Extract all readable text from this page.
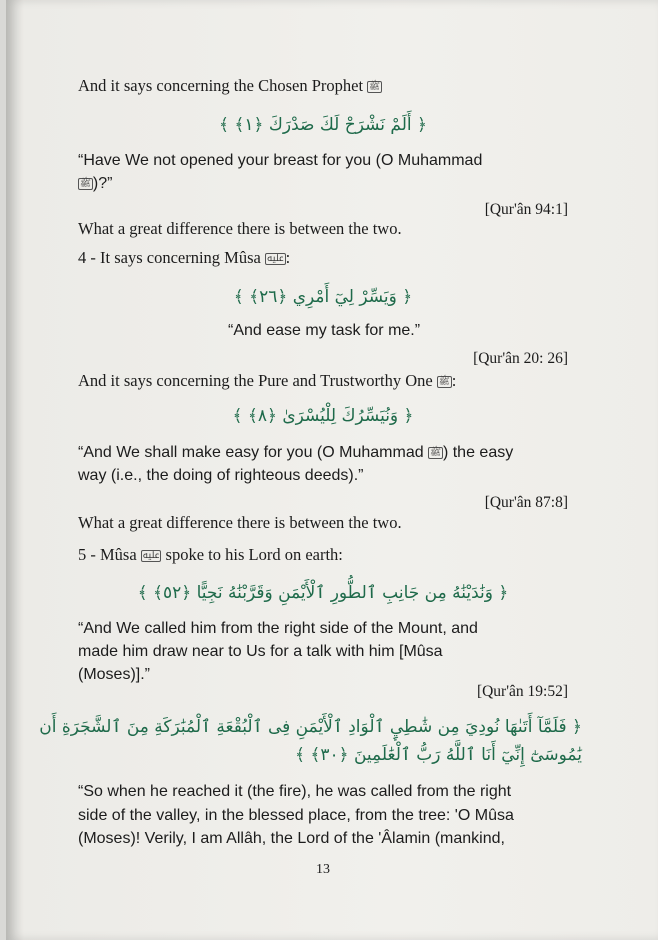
And it says concerning the Chosen Prophet ﷺ
﴿ أَلَمْ نَشْرَحْ لَكَ صَدْرَكَ ﴿١﴾ ﴾
“Have We not opened your breast for you (O Muhammad
ﷺ )?”
[Qur'ân 94:1]
What a great difference there is between the two.
4 - It says concerning Mûsa ﷷ :
﴿ وَيَسِّرْ لِيٓ أَمْرِي ﴿٢٦﴾ ﴾
“And ease my task for me.”
[Qur'ân 20: 26]
And it says concerning the Pure and Trustworthy One ﷺ :
﴿ وَنُيَسِّرُكَ لِلْيُسْرَىٰ ﴿٨﴾ ﴾
“And We shall make easy for you (O Muhammad ﷺ ) the easy
way (i.e., the doing of righteous deeds).”
[Qur'ân 87:8]
What a great difference there is between the two.
5 - Mûsa ﷷ spoke to his Lord on earth:
﴿ وَنَٰدَيْنَٰهُ مِن جَانِبِ ٱلطُّورِ ٱلْأَيْمَنِ وَقَرَّبْنَٰهُ نَجِيًّا ﴿٥٢﴾ ﴾
“And We called him from the right side of the Mount, and
made him draw near to Us for a talk with him [Mûsa
(Moses)].”
[Qur'ân 19:52]
﴿ فَلَمَّآ أَتَىٰهَا نُودِيَ مِن شَٰطِيِٕ ٱلْوَادِ ٱلْأَيْمَنِ فِى ٱلْبُقْعَةِ ٱلْمُبَٰرَكَةِ مِنَ ٱلشَّجَرَةِ أَن
يَٰمُوسَىٰٓ إِنِّيٓ أَنَا ٱللَّهُ رَبُّ ٱلْعَٰلَمِينَ ﴿٣٠﴾ ﴾
“So when he reached it (the fire), he was called from the right
side of the valley, in the blessed place, from the tree: 'O Mûsa
(Moses)! Verily, I am Allâh, the Lord of the 'Âlamin (mankind,
13
